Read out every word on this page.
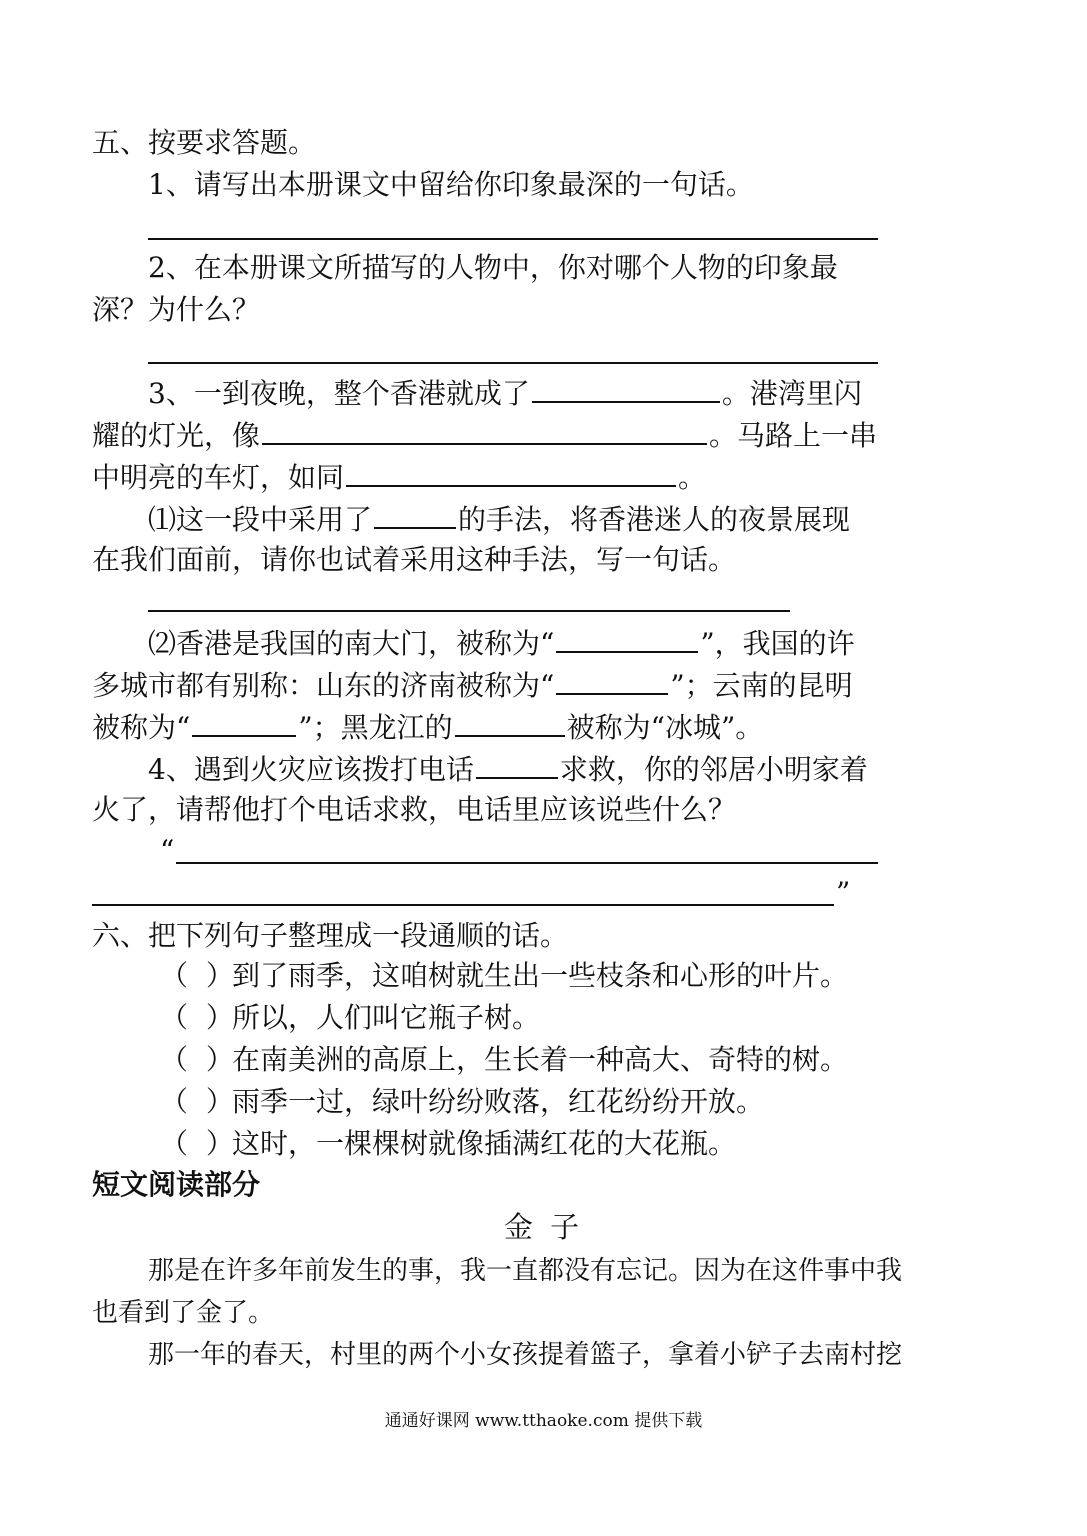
五、按要求答题。
1、请写出本册课文中留给你印象最深的一句话。
2、在本册课文所描写的人物中，你对哪个人物的印象最
深？为什么？
3、一到夜晚，整个香港就成了	。港湾里闪
耀的灯光，像	。马路上一串
中明亮的车灯，如同	。
⑴这一段中采用了	的手法，将香港迷人的夜景展现
在我们面前，请你也试着采用这种手法，写一句话。
⑵香港是我国的南大门，被称为“	”，我国的许
多城市都有别称：山东的济南被称为“	”；云南的昆明
被称为“	”；黑龙江的	被称为“冰城”。
4、遇到火灾应该拨打电话	求救，你的邻居小明家着
火了，请帮他打个电话求救，电话里应该说些什么？
“
”
六、把下列句子整理成一段通顺的话。
（ ）到了雨季，这咱树就生出一些枝条和心形的叶片。
（ ）所以，人们叫它瓶子树。
（ ）在南美洲的高原上，生长着一种高大、奇特的树。
（ ）雨季一过，绿叶纷纷败落，红花纷纷开放。
（ ）这时，一棵棵树就像插满红花的大花瓶。
短文阅读部分
金 子
那是在许多年前发生的事，我一直都没有忘记。因为在这件事中我
也看到了金了。
那一年的春天，村里的两个小女孩提着篮子，拿着小铲子去南村挖
通通好课网 www.tthaoke.com 提供下载
